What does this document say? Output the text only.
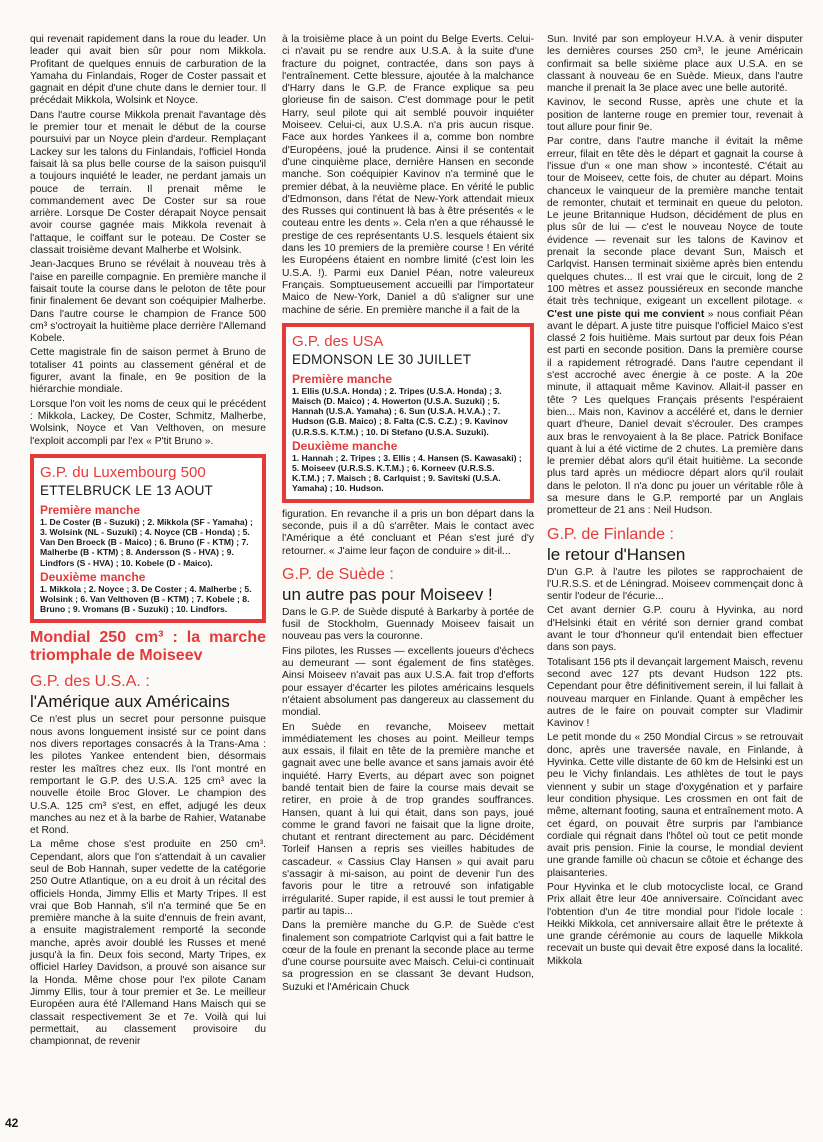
42

qui revenait rapidement dans la roue du leader. Un leader qui avait bien sûr pour nom Mikkola. Profitant de quelques ennuis de carburation de la Yamaha du Finlandais, Roger de Coster passait et gagnait en dépit d'une chute dans le dernier tour. Il précédait Mikkola, Wolsink et Noyce.

Dans l'autre course Mikkola prenait l'avantage dès le premier tour et menait le début de la course poursuivi par un Noyce plein d'ardeur. Remplaçant Lackey sur les talons du Finlandais, l'officiel Honda faisait là sa plus belle course de la saison puisqu'il a toujours inquiété le leader, ne perdant jamais un pouce de terrain. Il prenait même le commandement avec De Coster sur sa roue arrière. Lorsque De Coster dérapait Noyce pensait avoir course gagnée mais Mikkola revenait à l'attaque, le coiffant sur le poteau. De Coster se classait troisième devant Malherbe et Wolsink.

Jean-Jacques Bruno se révélait à nouveau très à l'aise en pareille compagnie. En première manche il faisait toute la course dans le peloton de tête pour finir finalement 6e devant son coéquipier Malherbe. Dans l'autre course le champion de France 500 cm³ s'octroyait la huitième place derrière l'Allemand Kobele.

Cette magistrale fin de saison permet à Bruno de totaliser 41 points au classement général et de figurer, avant la finale, en 9e position de la hiérarchie mondiale.

Lorsque l'on voit les noms de ceux qui le précédent : Mikkola, Lackey, De Coster, Schmitz, Malherbe, Wolsink, Noyce et Van Velthoven, on mesure l'exploit accompli par l'ex « P'tit Bruno ».

G.P. du Luxembourg 500
ETTELBRUCK LE 13 AOUT
Première manche
1. De Coster (B - Suzuki) ; 2. Mikkola (SF - Yamaha) ; 3. Wolsink (NL - Suzuki) ; 4. Noyce (CB - Honda) ; 5. Van Den Broeck (B - Maico) ; 6. Bruno (F - KTM) ; 7. Malherbe (B - KTM) ; 8. Andersson (S - HVA) ; 9. Lindfors (S - HVA) ; 10. Kobele (D - Maico).
Deuxième manche
1. Mikkola ; 2. Noyce ; 3. De Coster ; 4. Malherbe ; 5. Wolsink ; 6. Van Velthoven (B - KTM) ; 7. Kobele ; 8. Bruno ; 9. Vromans (B - Suzuki) ; 10. Lindfors.
Mondial 250 cm³ : la marche triomphale de Moiseev
G.P. des U.S.A. :
l'Amérique aux Américains

Ce n'est plus un secret pour personne puisque nous avons longuement insisté sur ce point dans nos divers reportages consacrés à la Trans-Ama : les pilotes Yankee entendent bien, désormais rester les maîtres chez eux. Ils l'ont montré en remportant le G.P. des U.S.A. 125 cm³ avec la nouvelle étoile Broc Glover. Le champion des U.S.A. 125 cm³ s'est, en effet, adjugé les deux manches au nez et à la barbe de Rahier, Watanabe et Rond.

La même chose s'est produite en 250 cm³. Cependant, alors que l'on s'attendait à un cavalier seul de Bob Hannah, super vedette de la catégorie 250 Outre Atlantique, on a eu droit à un récital des officiels Honda, Jimmy Ellis et Marty Tripes. Il est vrai que Bob Hannah, s'il n'a terminé que 5e en première manche à la suite d'ennuis de frein avant, a ensuite magistralement remporté la seconde manche, après avoir doublé les Russes et mené jusqu'à la fin. Deux fois second, Marty Tripes, ex officiel Harley Davidson, a prouvé son aisance sur la Honda. Même chose pour l'ex pilote Canam Jimmy Ellis, tour à tour premier et 3e. Le meilleur Européen aura été l'Allemand Hans Maisch qui se classait respectivement 3e et 7e. Voilà qui lui permettait, au classement provisoire du championnat, de revenir

à la troisième place à un point du Belge Everts. Celui-ci n'avait pu se rendre aux U.S.A. à la suite d'une fracture du poignet, contractée, dans son pays à l'entraînement. Cette blessure, ajoutée à la malchance d'Harry dans le G.P. de France explique sa peu glorieuse fin de saison. C'est dommage pour le petit Harry, seul pilote qui ait semblé pouvoir inquiéter Moiseev. Celui-ci, aux U.S.A. n'a pris aucun risque. Face aux hordes Yankees il a, comme bon nombre d'Européens, joué la prudence. Ainsi il se contentait d'une cinquième place, dernière Hansen en seconde manche. Son coéquipier Kavinov n'a terminé que le premier débat, à la neuvième place. En vérité le public d'Edmonson, dans l'état de New-York attendait mieux des Russes qui continuent là bas à être présentés « le couteau entre les dents ». Cela n'en a que réhaussé le prestige de ces représentants U.S. lesquels étaient six dans les 10 premiers de la première course ! En vérité les Européens étaient en nombre limité (c'est loin les U.S.A. !). Parmi eux Daniel Péan, notre valeureux Français. Somptueusement accueilli par l'importateur Maico de New-York, Daniel a dû s'aligner sur une machine de série. En première manche il a fait de la

G.P. des USA
EDMONSON LE 30 JUILLET
Première manche
1. Ellis (U.S.A. Honda) ; 2. Tripes (U.S.A. Honda) ; 3. Maisch (D. Maico) ; 4. Howerton (U.S.A. Suzuki) ; 5. Hannah (U.S.A. Yamaha) ; 6. Sun (U.S.A. H.V.A.) ; 7. Hudson (G.B. Maico) ; 8. Falta (C.S. C.Z.) ; 9. Kavinov (U.R.S.S. K.T.M.) ; 10. Di Stefano (U.S.A. Suzuki).
Deuxième manche
1. Hannah ; 2. Tripes ; 3. Ellis ; 4. Hansen (S. Kawasaki) ; 5. Moiseev (U.R.S.S. K.T.M.) ; 6. Korneev (U.R.S.S. K.T.M.) ; 7. Maisch ; 8. Carlquist ; 9. Savitski (U.S.A. Yamaha) ; 10. Hudson.

figuration. En revanche il a pris un bon départ dans la seconde, puis il a dû s'arrêter. Mais le contact avec l'Amérique a été concluant et Péan s'est juré d'y retourner. « J'aime leur façon de conduire » dit-il...

G.P. de Suède :
un autre pas pour Moiseev !

Dans le G.P. de Suède disputé à Barkarby à portée de fusil de Stockholm, Guennady Moiseev faisait un nouveau pas vers la couronne.

Fins pilotes, les Russes — excellents joueurs d'échecs au demeurant — sont également de fins statèges. Ainsi Moiseev n'avait pas aux U.S.A. fait trop d'efforts pour essayer d'écarter les pilotes américains lesquels n'étaient absolument pas dangereux au classement du mondial.

En Suède en revanche, Moiseev mettait immédiatement les choses au point. Meilleur temps aux essais, il filait en tête de la première manche et gagnait avec une belle avance et sans jamais avoir été inquiété. Harry Everts, au départ avec son poignet bandé tentait bien de faire la course mais devait se retirer, en proie à de trop grandes souffrances. Hansen, quant à lui qui était, dans son pays, joué comme le grand favori ne faisait que la ligne droite, chutant et rentrant directement au parc. Décidément Torleif Hansen a repris ses vieilles habitudes de cascadeur. « Cassius Clay Hansen » qui avait paru s'assagir à mi-saison, au point de devenir l'un des favoris pour le titre a retrouvé son infatigable irrégularité. Super rapide, il est aussi le tout premier à partir au tapis...

Dans la première manche du G.P. de Suède c'est finalement son compatriote Carlqvist qui a fait battre le cœur de la foule en prenant la seconde place au terme d'une course poursuite avec Maisch. Celui-ci continuait sa progression en se classant 3e devant Hudson, Suzuki et l'Américain Chuck

Sun. Invité par son employeur H.V.A. à venir disputer les dernières courses 250 cm³, le jeune Américain confirmait sa belle sixième place aux U.S.A. en se classant à nouveau 6e en Suède. Mieux, dans l'autre manche il prenait la 3e place avec une belle autorité.

Kavinov, le second Russe, après une chute et la position de lanterne rouge en premier tour, revenait à tout allure pour finir 9e.

Par contre, dans l'autre manche il évitait la même erreur, filait en tête dès le départ et gagnait la course à l'issue d'un « one man show » incontesté. C'était au tour de Moiseev, cette fois, de chuter au départ. Moins chanceux le vainqueur de la première manche tentait de remonter, chutait et terminait en queue du peloton. Le jeune Britannique Hudson, décidément de plus en plus sûr de lui — c'est le nouveau Noyce de toute évidence — revenait sur les talons de Kavinov et prenait la seconde place devant Sun, Maisch et Carlqvist. Hansen terminait sixième après bien entendu quelques chutes... Il est vrai que le circuit, long de 2 100 mètres et assez poussiéreux en seconde manche était très technique, exigeant un excellent pilotage. « C'est une piste qui me convient » nous confiait Péan avant le départ. A juste titre puisque l'officiel Maico s'est classé 2 fois huitième. Mais surtout par deux fois Péan est parti en seconde position. Dans la première course il a rapidement rétrogradé. Dans l'autre cependant il s'est accroché avec énergie à ce poste. A la 20e minute, il attaquait même Kavinov. Allait-il passer en tête ? Les quelques Français présents l'espéraient bien... Mais non, Kavinov a accéléré et, dans le dernier quart d'heure, Daniel devait s'écrouler. Des crampes aux bras le renvoyaient à la 8e place. Patrick Boniface quant à lui a été victime de 2 chutes. La première dans le premier débat alors qu'il était huitième. La seconde plus tard après un médiocre départ alors qu'il roulait dans le peloton. Il n'a donc pu jouer un véritable rôle à sa mesure dans le G.P. remporté par un Anglais prometteur de 21 ans : Neil Hudson.

G.P. de Finlande :
le retour d'Hansen

D'un G.P. à l'autre les pilotes se rapprochaient de l'U.R.S.S. et de Léningrad. Moiseev commençait donc à sentir l'odeur de l'écurie...

Cet avant dernier G.P. couru à Hyvinka, au nord d'Helsinki était en vérité son dernier grand combat avant le tour d'honneur qu'il entendait bien effectuer dans son pays.

Totalisant 156 pts il devançait largement Maisch, revenu second avec 127 pts devant Hudson 122 pts. Cependant pour être définitivement serein, il lui fallait à nouveau marquer en Finlande. Quant à empêcher les autres de le faire on pouvait compter sur Vladimir Kavinov !

Le petit monde du « 250 Mondial Circus » se retrouvait donc, après une traversée navale, en Finlande, à Hyvinka. Cette ville distante de 60 km de Helsinki est un peu le Vichy finlandais. Les athlètes de tout le pays viennent y subir un stage d'oxygénation et y parfaire leur condition physique. Les crossmen en ont fait de même, alternant footing, sauna et entraînement moto. A cet égard, on pouvait être surpris par l'ambiance cordiale qui régnait dans l'hôtel où tout ce petit monde avait pris pension. Finie la course, le mondial devient une grande famille où chacun se côtoie et échange des plaisanteries.

Pour Hyvinka et le club motocycliste local, ce Grand Prix allait être leur 40e anniversaire. Coïncidant avec l'obtention d'un 4e titre mondial pour l'idole locale : Heikki Mikkola, cet anniversaire allait être le prétexte à une grande cérémonie au cours de laquelle Mikkola recevait un buste qui devait être exposé dans la localité. Mikkola
